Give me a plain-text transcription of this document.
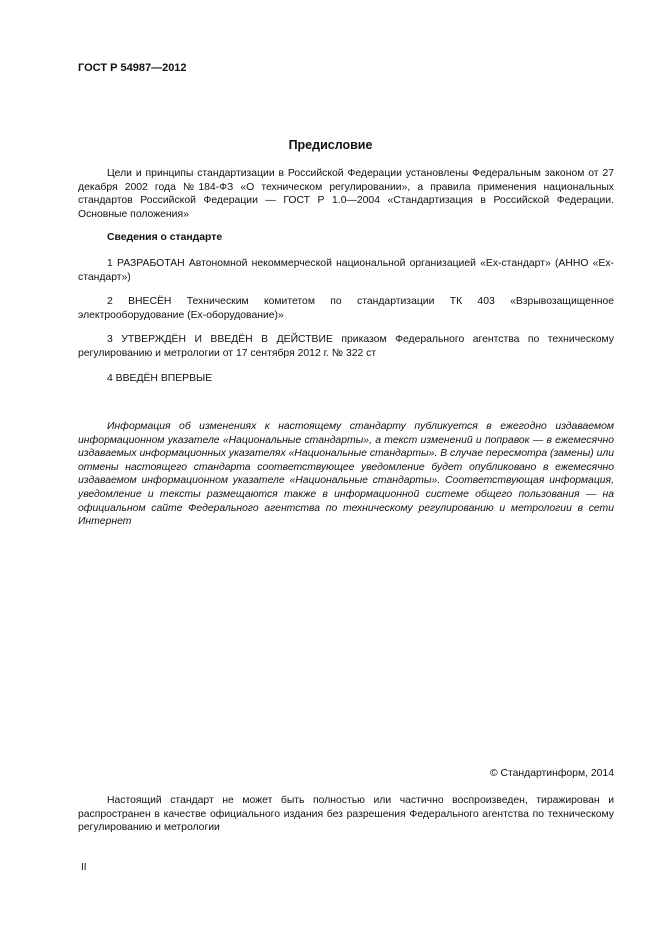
ГОСТ Р 54987—2012
Предисловие

Цели и принципы стандартизации в Российской Федерации установлены Федеральным законом от 27 декабря 2002 года №184-ФЗ «О техническом регулировании», а правила применения национальных стандартов Российской Федерации — ГОСТ Р 1.0—2004 «Стандартизация в Российской Федерации. Основные положения»

Сведения о стандарте

1 РАЗРАБОТАН Автономной некоммерческой национальной организацией «Ех-стандарт» (АННО «Ех-стандарт»)

2 ВНЕСЁН Техническим комитетом по стандартизации ТК 403 «Взрывозащищенное электрооборудование (Ех-оборудование)»

3 УТВЕРЖДЁН И ВВЕДЁН В ДЕЙСТВИЕ приказом Федерального агентства по техническому регулированию и метрологии от 17 сентября 2012 г. № 322 ст

4 ВВЕДЁН ВПЕРВЫЕ

Информация об изменениях к настоящему стандарту публикуется в ежегодно издаваемом информационном указателе «Национальные стандарты», а текст изменений и поправок — в ежемесячно издаваемых информационных указателях «Национальные стандарты». В случае пересмотра (замены) или отмены настоящего стандарта соответствующее уведомление будет опубликовано в ежемесячно издаваемом информационном указателе «Национальные стандарты». Соответствующая информация, уведомление и тексты размещаются также в информационной системе общего пользования — на официальном сайте Федерального агентства по техническому регулированию и метрологии в сети Интернет

© Стандартинформ, 2014

Настоящий стандарт не может быть полностью или частично воспроизведен, тиражирован и распространен в качестве официального издания без разрешения Федерального агентства по техническому регулированию и метрологии

II
